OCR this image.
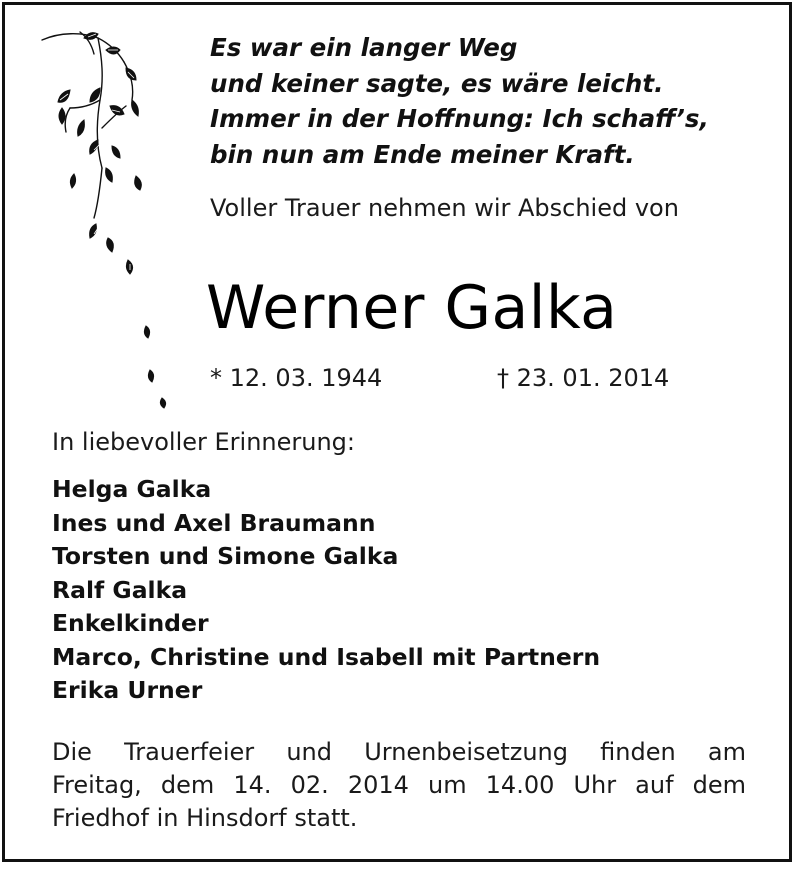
Es war ein langer Weg
und keiner sagte, es wäre leicht.
Immer in der Hoffnung: Ich schaff’s,
bin nun am Ende meiner Kraft.
Voller Trauer nehmen wir Abschied von
Werner Galka
* 12. 03. 1944	† 23. 01. 2014
In liebevoller Erinnerung:
Helga Galka
Ines und Axel Braumann
Torsten und Simone Galka
Ralf Galka
Enkelkinder
Marco, Christine und Isabell mit Partnern
Erika Urner
Die Trauerfeier und Urnenbeisetzung finden am
Freitag, dem 14. 02. 2014 um 14.00 Uhr auf dem
Friedhof in Hinsdorf statt.
